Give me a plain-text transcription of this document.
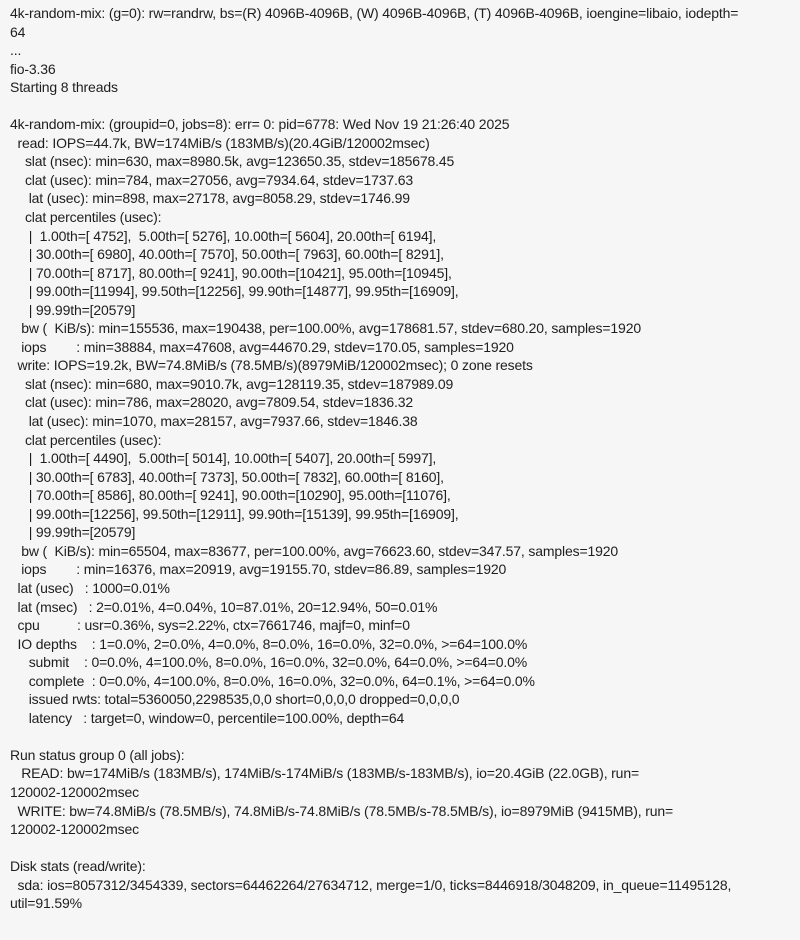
4k-random-mix: (g=0): rw=randrw, bs=(R) 4096B-4096B, (W) 4096B-4096B, (T) 4096B-4096B, ioengine=libaio, iodepth=
64
...
fio-3.36
Starting 8 threads

4k-random-mix: (groupid=0, jobs=8): err= 0: pid=6778: Wed Nov 19 21:26:40 2025
read: IOPS=44.7k, BW=174MiB/s (183MB/s)(20.4GiB/120002msec)
slat (nsec): min=630, max=8980.5k, avg=123650.35, stdev=185678.45
clat (usec): min=784, max=27056, avg=7934.64, stdev=1737.63
lat (usec): min=898, max=27178, avg=8058.29, stdev=1746.99
clat percentiles (usec):
|  1.00th=[ 4752],  5.00th=[ 5276], 10.00th=[ 5604], 20.00th=[ 6194],
| 30.00th=[ 6980], 40.00th=[ 7570], 50.00th=[ 7963], 60.00th=[ 8291],
| 70.00th=[ 8717], 80.00th=[ 9241], 90.00th=[10421], 95.00th=[10945],
| 99.00th=[11994], 99.50th=[12256], 99.90th=[14877], 99.95th=[16909],
| 99.99th=[20579]
bw (  KiB/s): min=155536, max=190438, per=100.00%, avg=178681.57, stdev=680.20, samples=1920
iops        : min=38884, max=47608, avg=44670.29, stdev=170.05, samples=1920
write: IOPS=19.2k, BW=74.8MiB/s (78.5MB/s)(8979MiB/120002msec); 0 zone resets
slat (nsec): min=680, max=9010.7k, avg=128119.35, stdev=187989.09
clat (usec): min=786, max=28020, avg=7809.54, stdev=1836.32
lat (usec): min=1070, max=28157, avg=7937.66, stdev=1846.38
clat percentiles (usec):
|  1.00th=[ 4490],  5.00th=[ 5014], 10.00th=[ 5407], 20.00th=[ 5997],
| 30.00th=[ 6783], 40.00th=[ 7373], 50.00th=[ 7832], 60.00th=[ 8160],
| 70.00th=[ 8586], 80.00th=[ 9241], 90.00th=[10290], 95.00th=[11076],
| 99.00th=[12256], 99.50th=[12911], 99.90th=[15139], 99.95th=[16909],
| 99.99th=[20579]
bw (  KiB/s): min=65504, max=83677, per=100.00%, avg=76623.60, stdev=347.57, samples=1920
iops        : min=16376, max=20919, avg=19155.70, stdev=86.89, samples=1920
lat (usec)   : 1000=0.01%
lat (msec)   : 2=0.01%, 4=0.04%, 10=87.01%, 20=12.94%, 50=0.01%
cpu          : usr=0.36%, sys=2.22%, ctx=7661746, majf=0, minf=0
IO depths    : 1=0.0%, 2=0.0%, 4=0.0%, 8=0.0%, 16=0.0%, 32=0.0%, >=64=100.0%
submit    : 0=0.0%, 4=100.0%, 8=0.0%, 16=0.0%, 32=0.0%, 64=0.0%, >=64=0.0%
complete  : 0=0.0%, 4=100.0%, 8=0.0%, 16=0.0%, 32=0.0%, 64=0.1%, >=64=0.0%
issued rwts: total=5360050,2298535,0,0 short=0,0,0,0 dropped=0,0,0,0
latency   : target=0, window=0, percentile=100.00%, depth=64

Run status group 0 (all jobs):
READ: bw=174MiB/s (183MB/s), 174MiB/s-174MiB/s (183MB/s-183MB/s), io=20.4GiB (22.0GB), run=
120002-120002msec
WRITE: bw=74.8MiB/s (78.5MB/s), 74.8MiB/s-74.8MiB/s (78.5MB/s-78.5MB/s), io=8979MiB (9415MB), run=
120002-120002msec

Disk stats (read/write):
sda: ios=8057312/3454339, sectors=64462264/27634712, merge=1/0, ticks=8446918/3048209, in_queue=11495128,
util=91.59%
